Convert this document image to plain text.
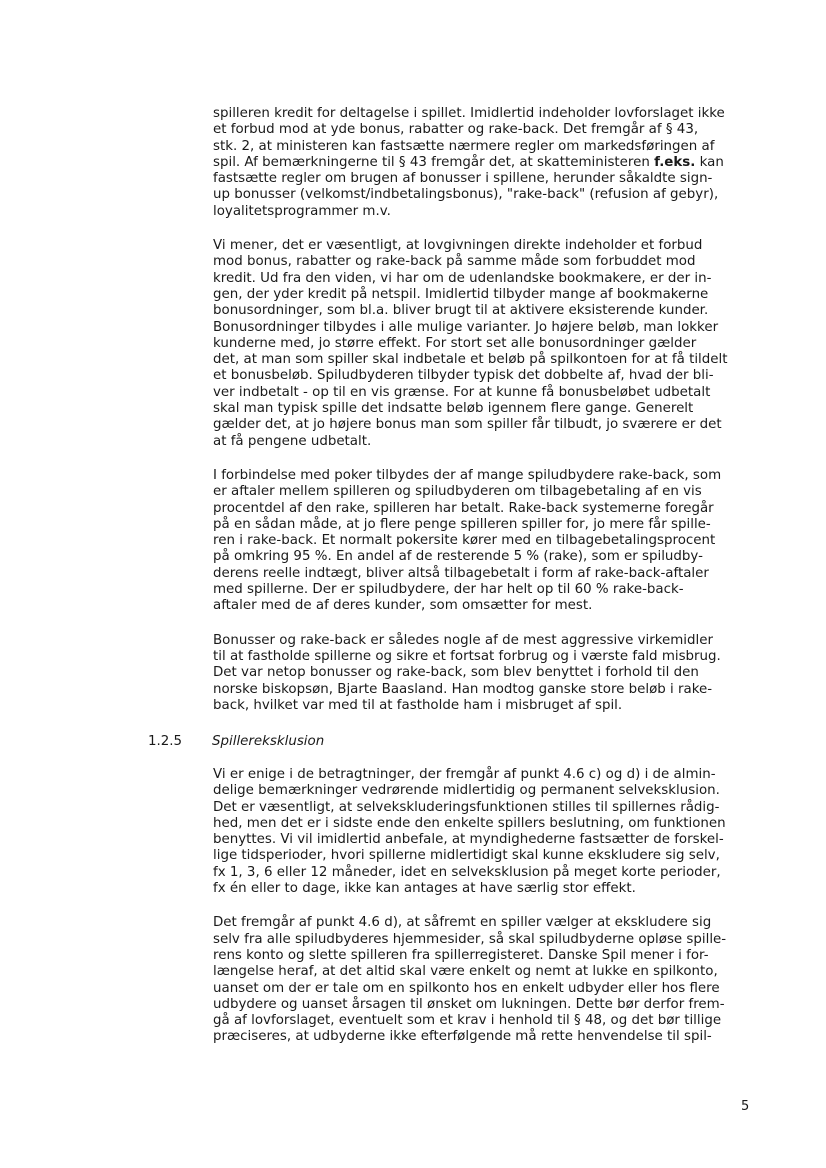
spilleren kredit for deltagelse i spillet. Imidlertid indeholder lovforslaget ikke
et forbud mod at yde bonus, rabatter og rake-back. Det fremgår af § 43,
stk. 2, at ministeren kan fastsætte nærmere regler om markedsføringen af
spil. Af bemærkningerne til § 43 fremgår det, at skatteministeren f.eks. kan
fastsætte regler om brugen af bonusser i spillene, herunder såkaldte sign-
up bonusser (velkomst/indbetalingsbonus), "rake-back" (refusion af gebyr),
loyalitetsprogrammer m.v.

Vi mener, det er væsentligt, at lovgivningen direkte indeholder et forbud
mod bonus, rabatter og rake-back på samme måde som forbuddet mod
kredit. Ud fra den viden, vi har om de udenlandske bookmakere, er der in-
gen, der yder kredit på netspil. Imidlertid tilbyder mange af bookmakerne
bonusordninger, som bl.a. bliver brugt til at aktivere eksisterende kunder.
Bonusordninger tilbydes i alle mulige varianter. Jo højere beløb, man lokker
kunderne med, jo større effekt. For stort set alle bonusordninger gælder
det, at man som spiller skal indbetale et beløb på spilkontoen for at få tildelt
et bonusbeløb. Spiludbyderen tilbyder typisk det dobbelte af, hvad der bli-
ver indbetalt - op til en vis grænse. For at kunne få bonusbeløbet udbetalt
skal man typisk spille det indsatte beløb igennem flere gange. Generelt
gælder det, at jo højere bonus man som spiller får tilbudt, jo sværere er det
at få pengene udbetalt.

I forbindelse med poker tilbydes der af mange spiludbydere rake-back, som
er aftaler mellem spilleren og spiludbyderen om tilbagebetaling af en vis
procentdel af den rake, spilleren har betalt. Rake-back systemerne foregår
på en sådan måde, at jo flere penge spilleren spiller for, jo mere får spille-
ren i rake-back. Et normalt pokersite kører med en tilbagebetalingsprocent
på omkring 95 %. En andel af de resterende 5 % (rake), som er spiludby-
derens reelle indtægt, bliver altså tilbagebetalt i form af rake-back-aftaler
med spillerne. Der er spiludbydere, der har helt op til 60 % rake-back-
aftaler med de af deres kunder, som omsætter for mest.

Bonusser og rake-back er således nogle af de mest aggressive virkemidler
til at fastholde spillerne og sikre et fortsat forbrug og i værste fald misbrug.
Det var netop bonusser og rake-back, som blev benyttet i forhold til den
norske biskopsøn, Bjarte Baasland. Han modtog ganske store beløb i rake-
back, hvilket var med til at fastholde ham i misbruget af spil.

1.2.5 Spillereksklusion

Vi er enige i de betragtninger, der fremgår af punkt 4.6 c) og d) i de almin-
delige bemærkninger vedrørende midlertidig og permanent selveksklusion.
Det er væsentligt, at selvekskluderingsfunktionen stilles til spillernes rådig-
hed, men det er i sidste ende den enkelte spillers beslutning, om funktionen
benyttes. Vi vil imidlertid anbefale, at myndighederne fastsætter de forskel-
lige tidsperioder, hvori spillerne midlertidigt skal kunne ekskludere sig selv,
fx 1, 3, 6 eller 12 måneder, idet en selveksklusion på meget korte perioder,
fx én eller to dage, ikke kan antages at have særlig stor effekt.

Det fremgår af punkt 4.6 d), at såfremt en spiller vælger at ekskludere sig
selv fra alle spiludbyderes hjemmesider, så skal spiludbyderne opløse spille-
rens konto og slette spilleren fra spillerregisteret. Danske Spil mener i for-
længelse heraf, at det altid skal være enkelt og nemt at lukke en spilkonto,
uanset om der er tale om en spilkonto hos en enkelt udbyder eller hos flere
udbydere og uanset årsagen til ønsket om lukningen. Dette bør derfor frem-
gå af lovforslaget, eventuelt som et krav i henhold til § 48, og det bør tillige
præciseres, at udbyderne ikke efterfølgende må rette henvendelse til spil-

5
